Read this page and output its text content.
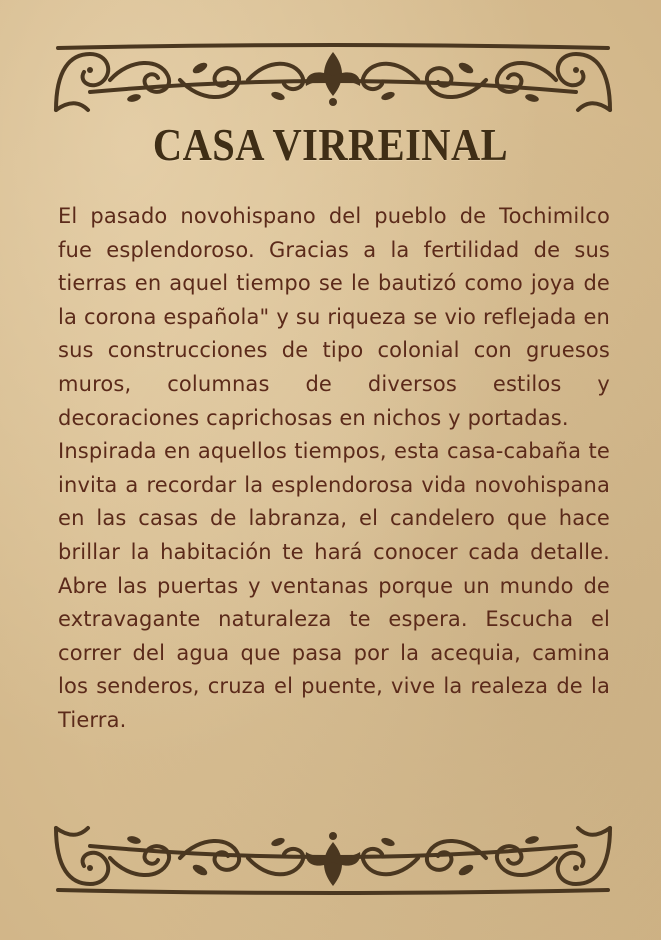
CASA VIRREINAL

El pasado novohispano del pueblo de Tochimilco fue esplendoroso. Gracias a la fertilidad de sus tierras en aquel tiempo se le bautizó como joya de la corona española" y su riqueza se vio reflejada en sus construcciones de tipo colonial con gruesos muros, columnas de diversos estilos y decoraciones caprichosas en nichos y portadas.

Inspirada en aquellos tiempos, esta casa-cabaña te invita a recordar la esplendorosa vida novohispana en las casas de labranza, el candelero que hace brillar la habitación te hará conocer cada detalle. Abre las puertas y ventanas porque un mundo de extravagante naturaleza te espera. Escucha el correr del agua que pasa por la acequia, camina los senderos, cruza el puente, vive la realeza de la Tierra.
